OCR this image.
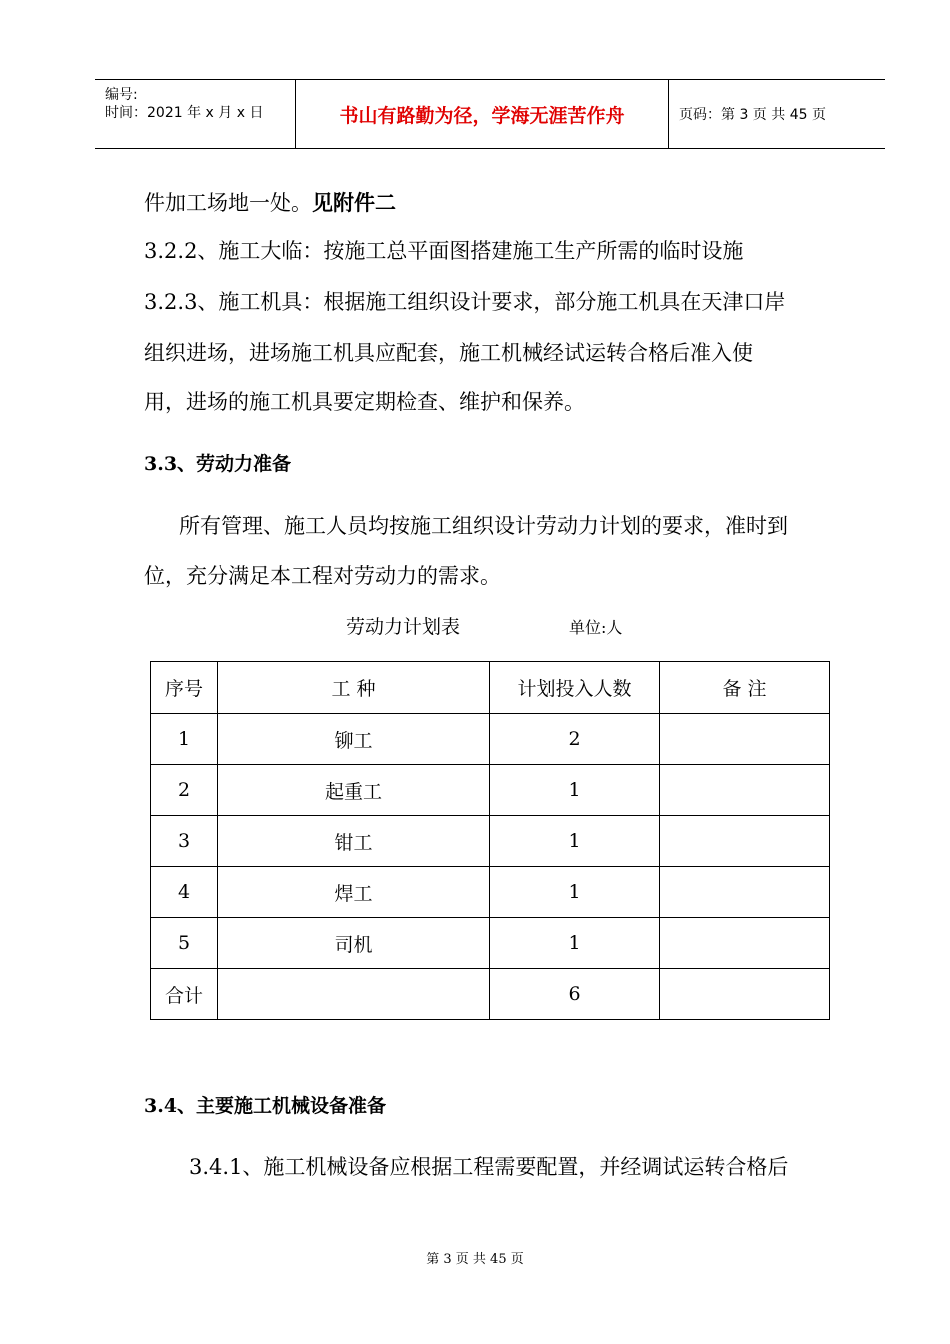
编号:
时间：2021 年 x 月 x 日	书山有路勤为径，学海无涯苦作舟	页码：第 3 页 共 45 页
件加工场地一处。见附件二
3.2.2、施工大临：按施工总平面图搭建施工生产所需的临时设施
3.2.3、施工机具：根据施工组织设计要求，部分施工机具在天津口岸
组织进场，进场施工机具应配套，施工机械经试运转合格后准入使
用，进场的施工机具要定期检查、维护和保养。
3.3、劳动力准备
所有管理、施工人员均按施工组织设计劳动力计划的要求，准时到
位，充分满足本工程对劳动力的需求。
劳动力计划表	单位:人
序号	工 种	计划投入人数	备 注
1	铆工	2	
2	起重工	1	
3	钳工	1	
4	焊工	1	
5	司机	1	
合计		6	
3.4、主要施工机械设备准备
3.4.1、施工机械设备应根据工程需要配置，并经调试运转合格后
第 3 页 共 45 页
